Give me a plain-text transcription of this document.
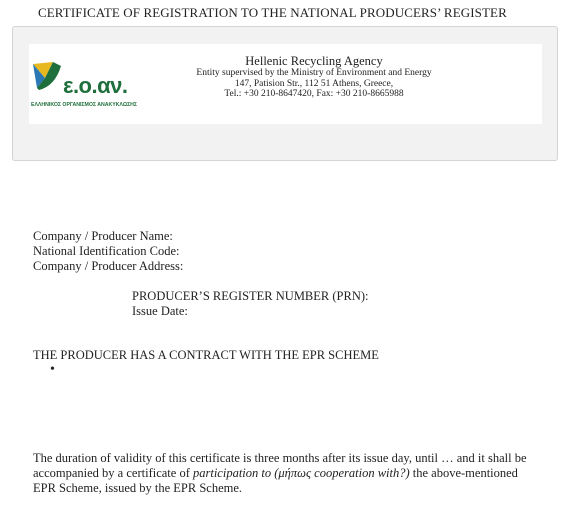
CERTIFICATE OF REGISTRATION TO THE NATIONAL PRODUCERS’ REGISTER
ε.ο.αν.
ΕΛΛΗΝΙΚΟΣ ΟΡΓΑΝΙΣΜΟΣ ΑΝΑΚΥΚΛΩΣΗΣ
Hellenic Recycling Agency
Entity supervised by the Ministry of Environment and Energy
147, Patision Str., 112 51 Athens, Greece,
Tel.: +30 210-8647420, Fax: +30 210-8665988
Company / Producer Name:
National Identification Code:
Company / Producer Address:
PRODUCER’S REGISTER NUMBER (PRN):
Issue Date:
THE PRODUCER HAS A CONTRACT WITH THE EPR SCHEME
•
The duration of validity of this certificate is three months after its issue day, until … and it shall be accompanied by a certificate of participation to (μήπως cooperation with?) the above-mentioned EPR Scheme, issued by the EPR Scheme.
